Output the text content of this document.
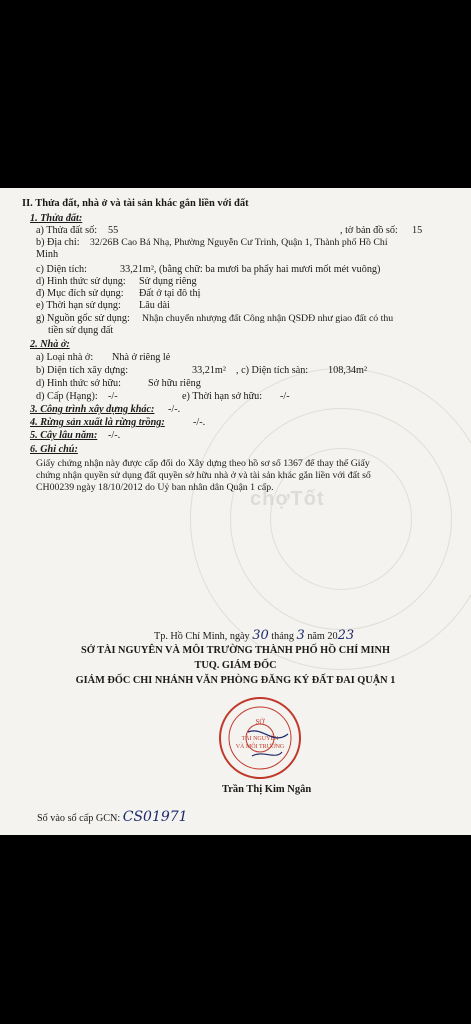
chợTốt
II. Thửa đất, nhà ở và tài sản khác gắn liền với đất
1. Thửa đất:
a) Thửa đất số: 55	, tờ bản đồ số: 15
b) Địa chỉ: 32/26B Cao Bá Nhạ, Phường Nguyễn Cư Trinh, Quận 1, Thành phố Hồ Chí
Minh
c) Diện tích:	33,21m², (bằng chữ: ba mươi ba phẩy hai mươi mốt mét vuông)
d) Hình thức sử dụng: Sử dụng riêng
đ) Mục đích sử dụng: Đất ở tại đô thị
e) Thời hạn sử dụng: Lâu dài
g) Nguồn gốc sử dụng: Nhận chuyển nhượng đất Công nhận QSDĐ như giao đất có thu
tiền sử dụng đất
2. Nhà ở:
a) Loại nhà ở: Nhà ở riêng lẻ
b) Diện tích xây dựng:	33,21m² , c) Diện tích sàn: 108,34m²
d) Hình thức sở hữu:	Sở hữu riêng
d) Cấp (Hạng): -/-	e) Thời hạn sở hữu: -/-
3. Công trình xây dựng khác: -/-.
4. Rừng sản xuất là rừng trồng:	-/-.
5. Cây lâu năm: -/-.
6. Ghi chú:
Giấy chứng nhận này được cấp đổi do Xây dựng theo hồ sơ số 1367 để thay thế Giấy
chứng nhận quyền sử dụng đất quyền sở hữu nhà ở và tài sản khác gắn liền với đất số
CH00239 ngày 18/10/2012 do Uỷ ban nhân dân Quận 1 cấp.
Tp. Hồ Chí Minh, ngày 30 tháng 3 năm 2023
SỞ TÀI NGUYÊN VÀ MÔI TRƯỜNG THÀNH PHỐ HỒ CHÍ MINH
TUQ. GIÁM ĐỐC
GIÁM ĐỐC CHI NHÁNH VĂN PHÒNG ĐĂNG KÝ ĐẤT ĐAI QUẬN 1
SỞ
TÀI NGUYÊN
VÀ MÔI TRƯỜNG
Trần Thị Kim Ngân
Số vào sổ cấp GCN: CS01971
